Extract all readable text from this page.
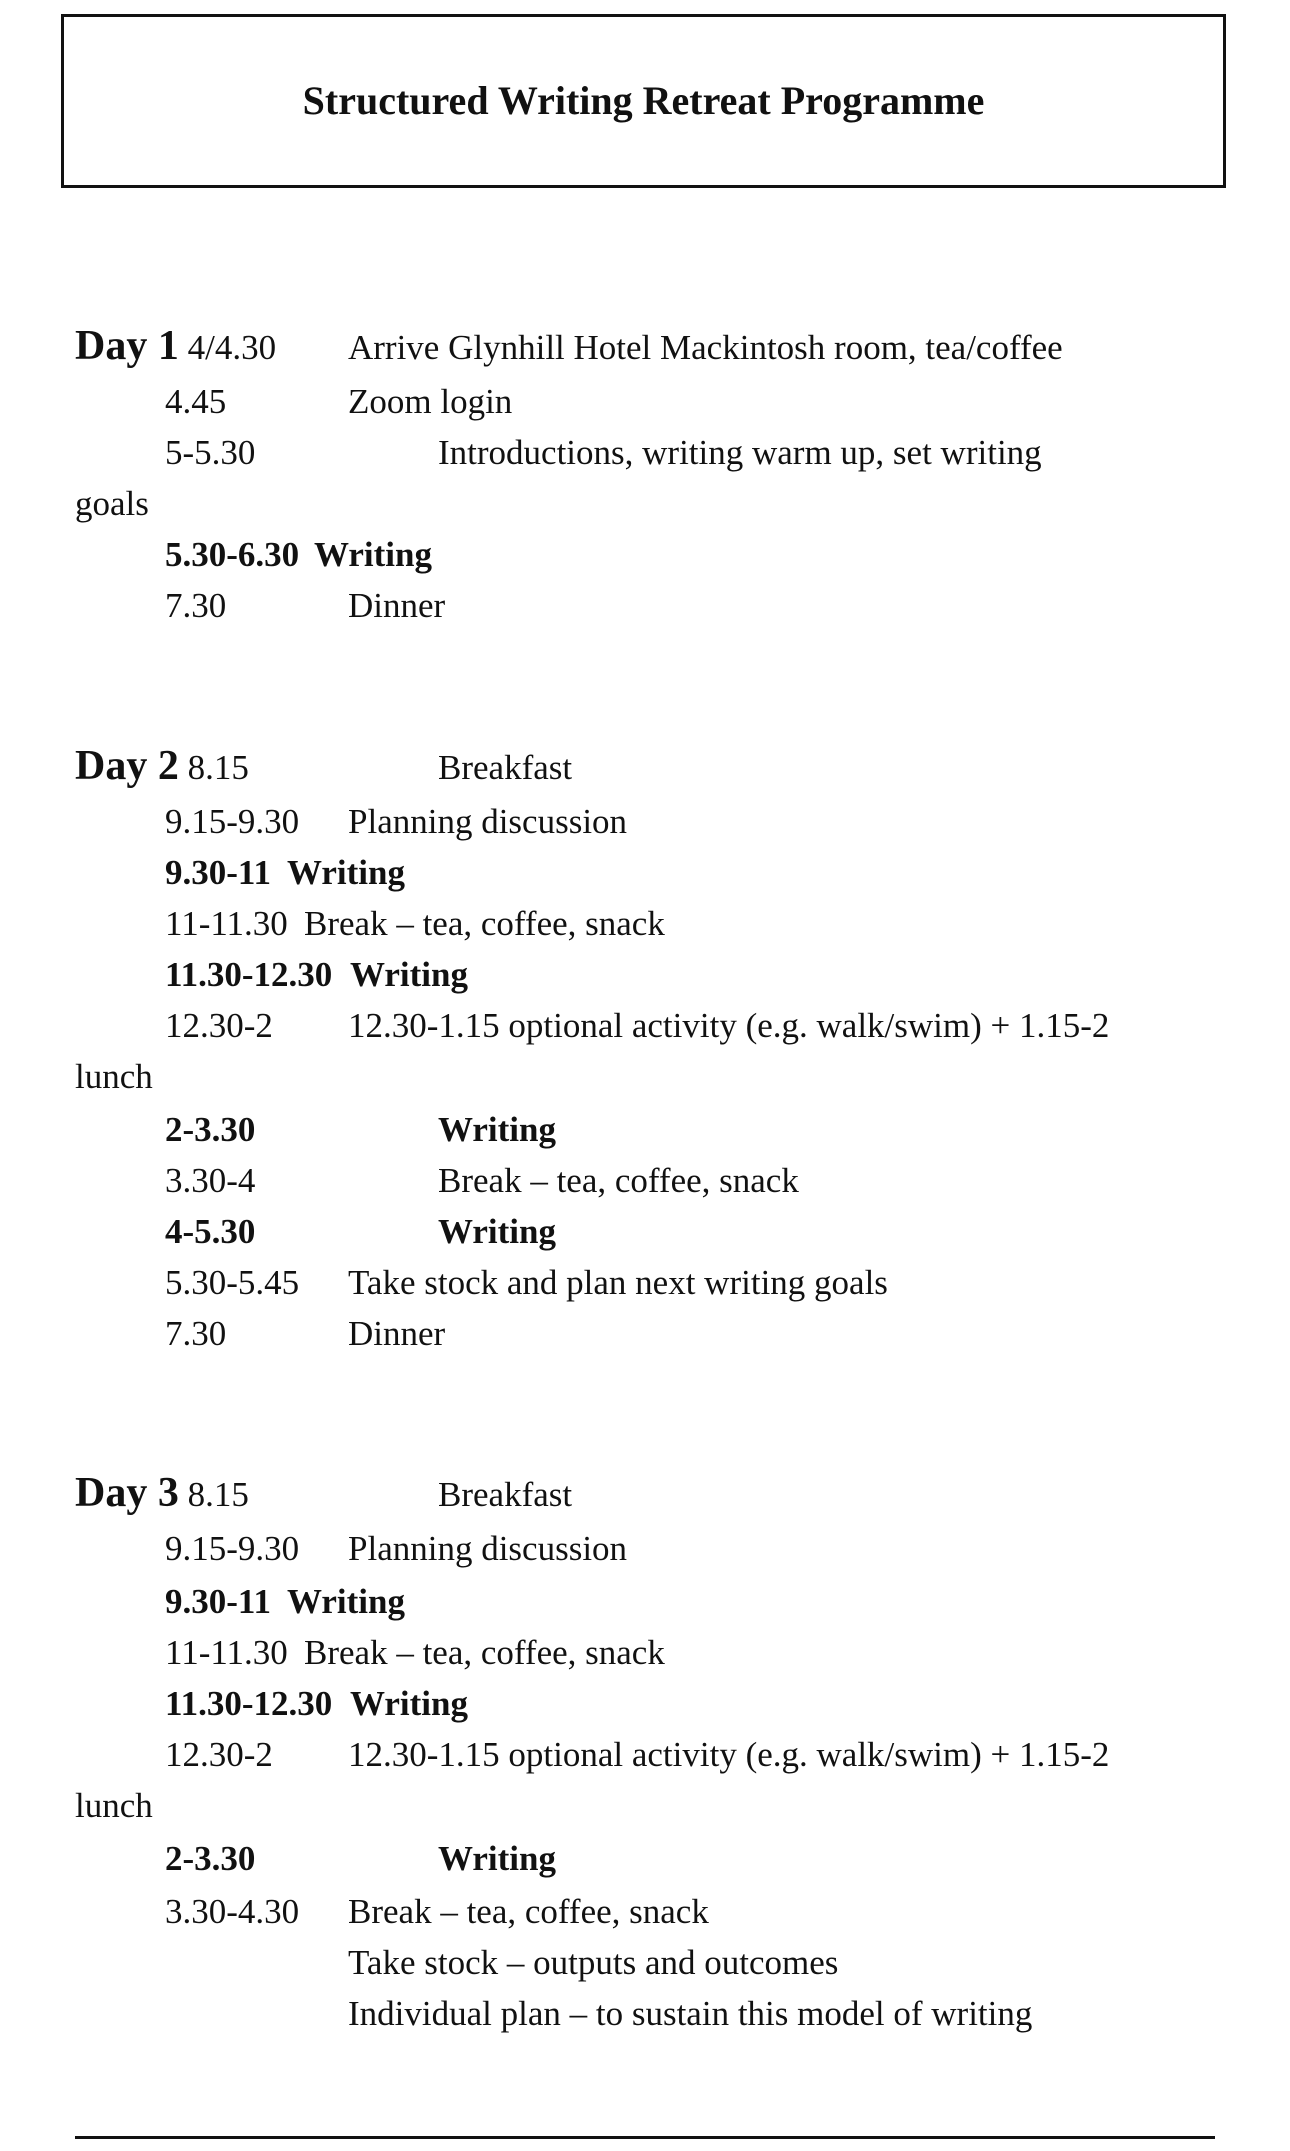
Structured Writing Retreat Programme
Day 1 4/4.30 Arrive Glynhill Hotel Mackintosh room, tea/coffee
4.45	Zoom login
5-5.30	Introductions, writing warm up, set writing
goals
5.30-6.30 Writing
7.30	Dinner
Day 2 8.15	Breakfast
9.15-9.30 Planning discussion
9.30-11 Writing
11-11.30 Break – tea, coffee, snack
11.30-12.30 Writing
12.30-2 12.30-1.15 optional activity (e.g. walk/swim) + 1.15-2
lunch
2-3.30	Writing
3.30-4	Break – tea, coffee, snack
4-5.30	Writing
5.30-5.45 Take stock and plan next writing goals
7.30	Dinner
Day 3 8.15	Breakfast
9.15-9.30 Planning discussion
9.30-11 Writing
11-11.30 Break – tea, coffee, snack
11.30-12.30 Writing
12.30-2 12.30-1.15 optional activity (e.g. walk/swim) + 1.15-2
lunch
2-3.30	Writing
3.30-4.30 Break – tea, coffee, snack
Take stock – outputs and outcomes
Individual plan – to sustain this model of writing
